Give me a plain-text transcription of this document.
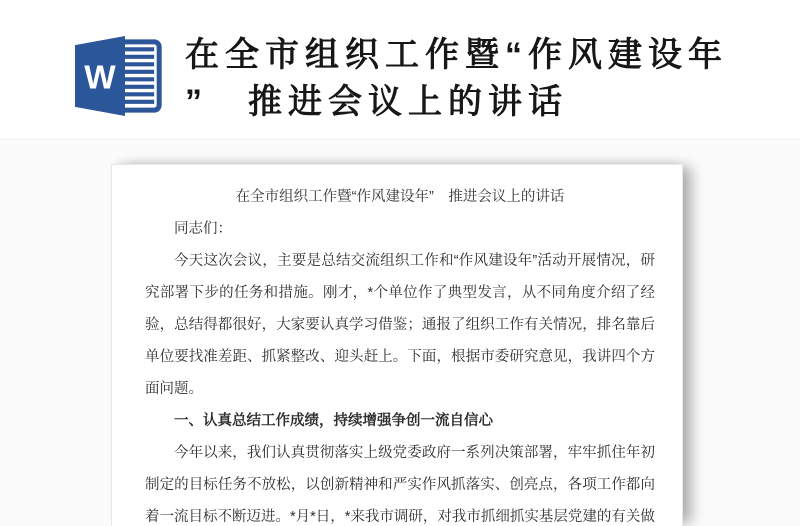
W
在全市组织工作暨“作风建设年
”　推进会议上的讲话

在全市组织工作暨“作风建设年”　推进会议上的讲话

同志们：

今天这次会议，主要是总结交流组织工作和“作风建设年”活动开展情况，研究部署下步的任务和措施。刚才，*个单位作了典型发言，从不同角度介绍了经验，总结得都很好，大家要认真学习借鉴；通报了组织工作有关情况，排名靠后单位要找准差距、抓紧整改、迎头赶上。下面，根据市委研究意见，我讲四个方面问题。

一、认真总结工作成绩，持续增强争创一流自信心

今年以来，我们认真贯彻落实上级党委政府一系列决策部署，牢牢抓住年初制定的目标任务不放松，以创新精神和严实作风抓落实、创亮点，各项工作都向着一流目标不断迈进。*月*日，*来我市调研，对我市抓细抓实基层党建的有关做
